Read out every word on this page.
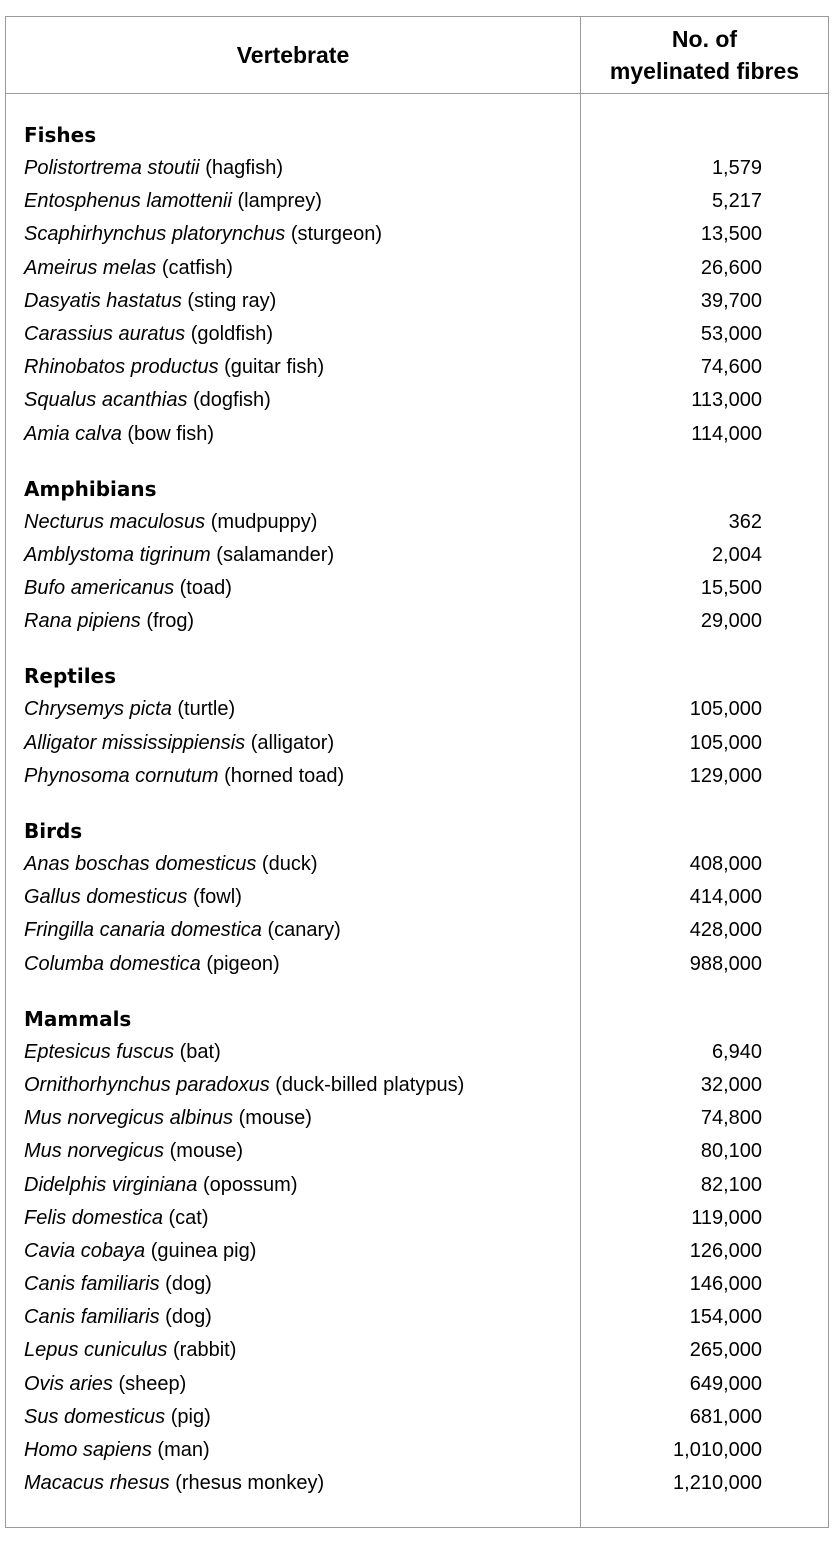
Vertebrate
No. of
myelinated fibres
Fishes
Polistortrema stoutii (hagfish)	1,579
Entosphenus lamottenii (lamprey)	5,217
Scaphirhynchus platorynchus (sturgeon)	13,500
Ameirus melas (catfish)	26,600
Dasyatis hastatus (sting ray)	39,700
Carassius auratus (goldfish)	53,000
Rhinobatos productus (guitar fish)	74,600
Squalus acanthias (dogfish)	113,000
Amia calva (bow fish)	114,000
Amphibians
Necturus maculosus (mudpuppy)	362
Amblystoma tigrinum (salamander)	2,004
Bufo americanus (toad)	15,500
Rana pipiens (frog)	29,000
Reptiles
Chrysemys picta (turtle)	105,000
Alligator mississippiensis (alligator)	105,000
Phynosoma cornutum (horned toad)	129,000
Birds
Anas boschas domesticus (duck)	408,000
Gallus domesticus (fowl)	414,000
Fringilla canaria domestica (canary)	428,000
Columba domestica (pigeon)	988,000
Mammals
Eptesicus fuscus (bat)	6,940
Ornithorhynchus paradoxus (duck-billed platypus)	32,000
Mus norvegicus albinus (mouse)	74,800
Mus norvegicus (mouse)	80,100
Didelphis virginiana (opossum)	82,100
Felis domestica (cat)	119,000
Cavia cobaya (guinea pig)	126,000
Canis familiaris (dog)	146,000
Canis familiaris (dog)	154,000
Lepus cuniculus (rabbit)	265,000
Ovis aries (sheep)	649,000
Sus domesticus (pig)	681,000
Homo sapiens (man)	1,010,000
Macacus rhesus (rhesus monkey)	1,210,000
